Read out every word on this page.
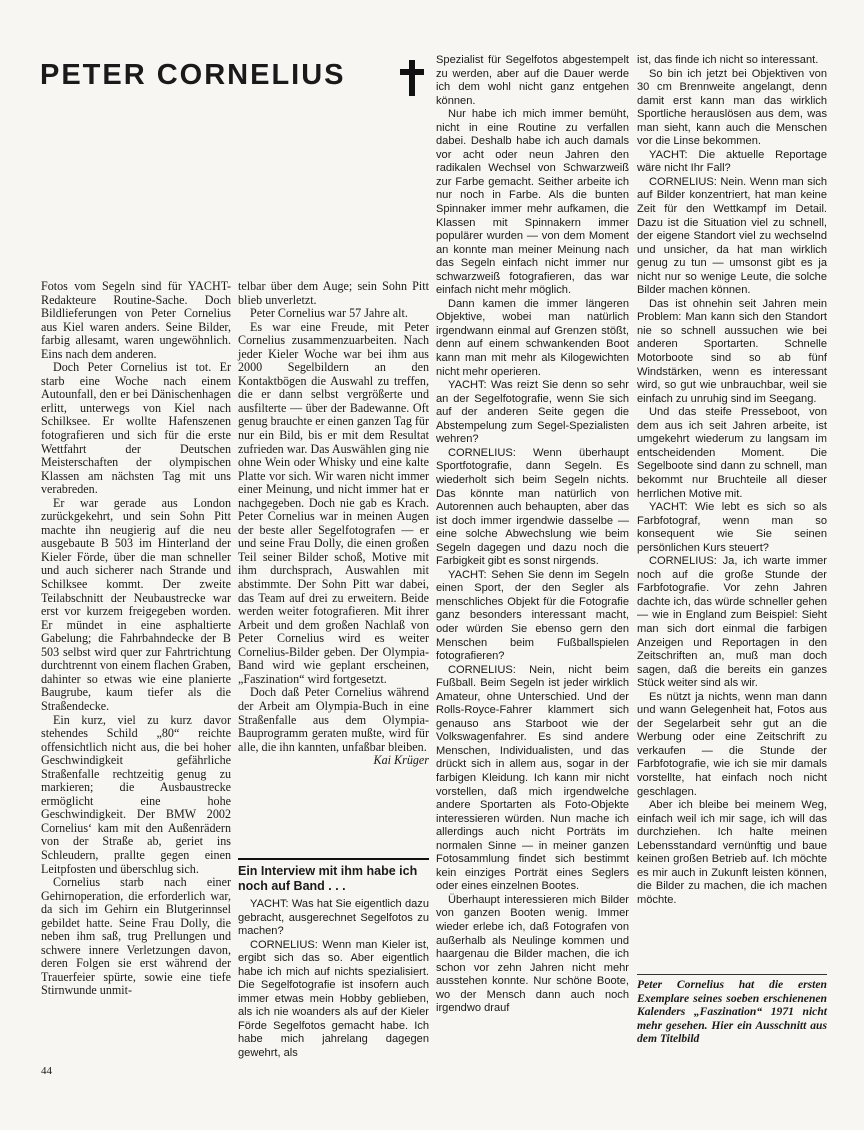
PETER CORNELIUS

Fotos vom Segeln sind für YACHT-Redakteure Routine-Sache. Doch Bildlieferungen von Peter Cornelius aus Kiel waren anders. Seine Bilder, farbig allesamt, waren ungewöhnlich. Eins nach dem anderen.

Doch Peter Cornelius ist tot. Er starb eine Woche nach einem Autounfall, den er bei Dänischenhagen erlitt, unterwegs von Kiel nach Schilksee. Er wollte Hafenszenen fotografieren und sich für die erste Wettfahrt der Deutschen Meisterschaften der olympischen Klassen am nächsten Tag mit uns verabreden.

Er war gerade aus London zurückgekehrt, und sein Sohn Pitt machte ihn neugierig auf die neu ausgebaute B 503 im Hinterland der Kieler Förde, über die man schneller und auch sicherer nach Strande und Schilksee kommt. Der zweite Teilabschnitt der Neubaustrecke war erst vor kurzem freigegeben worden. Er mündet in eine asphaltierte Gabelung; die Fahrbahndecke der B 503 selbst wird quer zur Fahrtrichtung durchtrennt von einem flachen Graben, dahinter so etwas wie eine planierte Baugrube, kaum tiefer als die Straßendecke.

Ein kurz, viel zu kurz davor stehendes Schild „80“ reichte offensichtlich nicht aus, die bei hoher Geschwindigkeit gefährliche Straßenfalle rechtzeitig genug zu markieren; die Ausbaustrecke ermöglicht eine hohe Geschwindigkeit. Der BMW 2002 Cornelius‘ kam mit den Außenrädern von der Straße ab, geriet ins Schleudern, prallte gegen einen Leitpfosten und überschlug sich.

Cornelius starb nach einer Gehirnoperation, die erforderlich war, da sich im Gehirn ein Blutgerinnsel gebildet hatte. Seine Frau Dolly, die neben ihm saß, trug Prellungen und schwere innere Verletzungen davon, deren Folgen sie erst während der Trauerfeier spürte, sowie eine tiefe Stirnwunde unmit-

telbar über dem Auge; sein Sohn Pitt blieb unverletzt.

Peter Cornelius war 57 Jahre alt.

Es war eine Freude, mit Peter Cornelius zusammenzuarbeiten. Nach jeder Kieler Woche war bei ihm aus 2000 Segelbildern an den Kontaktbögen die Auswahl zu treffen, die er dann selbst vergrößerte und ausfilterte — über der Badewanne. Oft genug brauchte er einen ganzen Tag für nur ein Bild, bis er mit dem Resultat zufrieden war. Das Auswählen ging nie ohne Wein oder Whisky und eine kalte Platte vor sich. Wir waren nicht immer einer Meinung, und nicht immer hat er nachgegeben. Doch nie gab es Krach. Peter Cornelius war in meinen Augen der beste aller Segelfotografen — er und seine Frau Dolly, die einen großen Teil seiner Bilder schoß, Motive mit ihm durchsprach, Auswahlen mit abstimmte. Der Sohn Pitt war dabei, das Team auf drei zu erweitern. Beide werden weiter fotografieren. Mit ihrer Arbeit und dem großen Nachlaß von Peter Cornelius wird es weiter Cornelius-Bilder geben. Der Olympia-Band wird wie geplant erscheinen, „Faszination“ wird fortgesetzt.

Doch daß Peter Cornelius während der Arbeit am Olympia-Buch in eine Straßenfalle aus dem Olympia-Bauprogramm geraten mußte, wird für alle, die ihn kannten, unfaßbar bleiben.

Kai Krüger
Ein Interview mit ihm habe ich noch auf Band . . .

YACHT: Was hat Sie eigentlich dazu gebracht, ausgerechnet Segelfotos zu machen?

CORNELIUS: Wenn man Kieler ist, ergibt sich das so. Aber eigentlich habe ich mich auf nichts spezialisiert. Die Segelfotografie ist insofern auch immer etwas mein Hobby geblieben, als ich nie woanders als auf der Kieler Förde Segelfotos gemacht habe. Ich habe mich jahrelang dagegen gewehrt, als

Spezialist für Segelfotos abgestempelt zu werden, aber auf die Dauer werde ich dem wohl nicht ganz entgehen können.

Nur habe ich mich immer bemüht, nicht in eine Routine zu verfallen dabei. Deshalb habe ich auch damals vor acht oder neun Jahren den radikalen Wechsel von Schwarzweiß zur Farbe gemacht. Seither arbeite ich nur noch in Farbe. Als die bunten Spinnaker immer mehr aufkamen, die Klassen mit Spinnakern immer populärer wurden — von dem Moment an konnte man meiner Meinung nach das Segeln einfach nicht immer nur schwarzweiß fotografieren, das war einfach nicht mehr möglich.

Dann kamen die immer längeren Objektive, wobei man natürlich irgendwann einmal auf Grenzen stößt, denn auf einem schwankenden Boot kann man mit mehr als Kilogewichten nicht mehr operieren.

YACHT: Was reizt Sie denn so sehr an der Segelfotografie, wenn Sie sich auf der anderen Seite gegen die Abstempelung zum Segel-Spezialisten wehren?

CORNELIUS: Wenn überhaupt Sportfotografie, dann Segeln. Es wiederholt sich beim Segeln nichts. Das könnte man natürlich von Autorennen auch behaupten, aber das ist doch immer irgendwie dasselbe — eine solche Abwechslung wie beim Segeln dagegen und dazu noch die Farbigkeit gibt es sonst nirgends.

YACHT: Sehen Sie denn im Segeln einen Sport, der den Segler als menschliches Objekt für die Fotografie ganz besonders interessant macht, oder würden Sie ebenso gern den Menschen beim Fußballspielen fotografieren?

CORNELIUS: Nein, nicht beim Fußball. Beim Segeln ist jeder wirklich Amateur, ohne Unterschied. Und der Rolls-Royce-Fahrer klammert sich genauso ans Starboot wie der Volkswagenfahrer. Es sind andere Menschen, Individualisten, und das drückt sich in allem aus, sogar in der farbigen Kleidung. Ich kann mir nicht vorstellen, daß mich irgendwelche andere Sportarten als Foto-Objekte interessieren würden. Nun mache ich allerdings auch nicht Porträts im normalen Sinne — in meiner ganzen Fotosammlung findet sich bestimmt kein einziges Porträt eines Seglers oder eines einzelnen Bootes.

Überhaupt interessieren mich Bilder von ganzen Booten wenig. Immer wieder erlebe ich, daß Fotografen von außerhalb als Neulinge kommen und haargenau die Bilder machen, die ich schon vor zehn Jahren nicht mehr ausstehen konnte. Nur schöne Boote, wo der Mensch dann auch noch irgendwo drauf

ist, das finde ich nicht so interessant.

So bin ich jetzt bei Objektiven von 30 cm Brennweite angelangt, denn damit erst kann man das wirklich Sportliche herauslösen aus dem, was man sieht, kann auch die Menschen vor die Linse bekommen.

YACHT: Die aktuelle Reportage wäre nicht Ihr Fall?

CORNELIUS: Nein. Wenn man sich auf Bilder konzentriert, hat man keine Zeit für den Wettkampf im Detail. Dazu ist die Situation viel zu schnell, der eigene Standort viel zu wechselnd und unsicher, da hat man wirklich genug zu tun — umsonst gibt es ja nicht nur so wenige Leute, die solche Bilder machen können.

Das ist ohnehin seit Jahren mein Problem: Man kann sich den Standort nie so schnell aussuchen wie bei anderen Sportarten. Schnelle Motorboote sind so ab fünf Windstärken, wenn es interessant wird, so gut wie unbrauchbar, weil sie einfach zu unruhig sind im Seegang.

Und das steife Presseboot, von dem aus ich seit Jahren arbeite, ist umgekehrt wiederum zu langsam im entscheidenden Moment. Die Segelboote sind dann zu schnell, man bekommt nur Bruchteile all dieser herrlichen Motive mit.

YACHT: Wie lebt es sich so als Farbfotograf, wenn man so konsequent wie Sie seinen persönlichen Kurs steuert?

CORNELIUS: Ja, ich warte immer noch auf die große Stunde der Farbfotografie. Vor zehn Jahren dachte ich, das würde schneller gehen — wie in England zum Beispiel: Sieht man sich dort einmal die farbigen Anzeigen und Reportagen in den Zeitschriften an, muß man doch sagen, daß die bereits ein ganzes Stück weiter sind als wir.

Es nützt ja nichts, wenn man dann und wann Gelegenheit hat, Fotos aus der Segelarbeit sehr gut an die Werbung oder eine Zeitschrift zu verkaufen — die Stunde der Farbfotografie, wie ich sie mir damals vorstellte, hat einfach noch nicht geschlagen.

Aber ich bleibe bei meinem Weg, einfach weil ich mir sage, ich will das durchziehen. Ich halte meinen Lebensstandard vernünftig und baue keinen großen Betrieb auf. Ich möchte es mir auch in Zukunft leisten können, die Bilder zu machen, die ich machen möchte.

Peter Cornelius hat die ersten Exemplare seines soeben erschienenen Kalenders „Faszination“ 1971 nicht mehr gesehen. Hier ein Ausschnitt aus dem Titelbild

44
